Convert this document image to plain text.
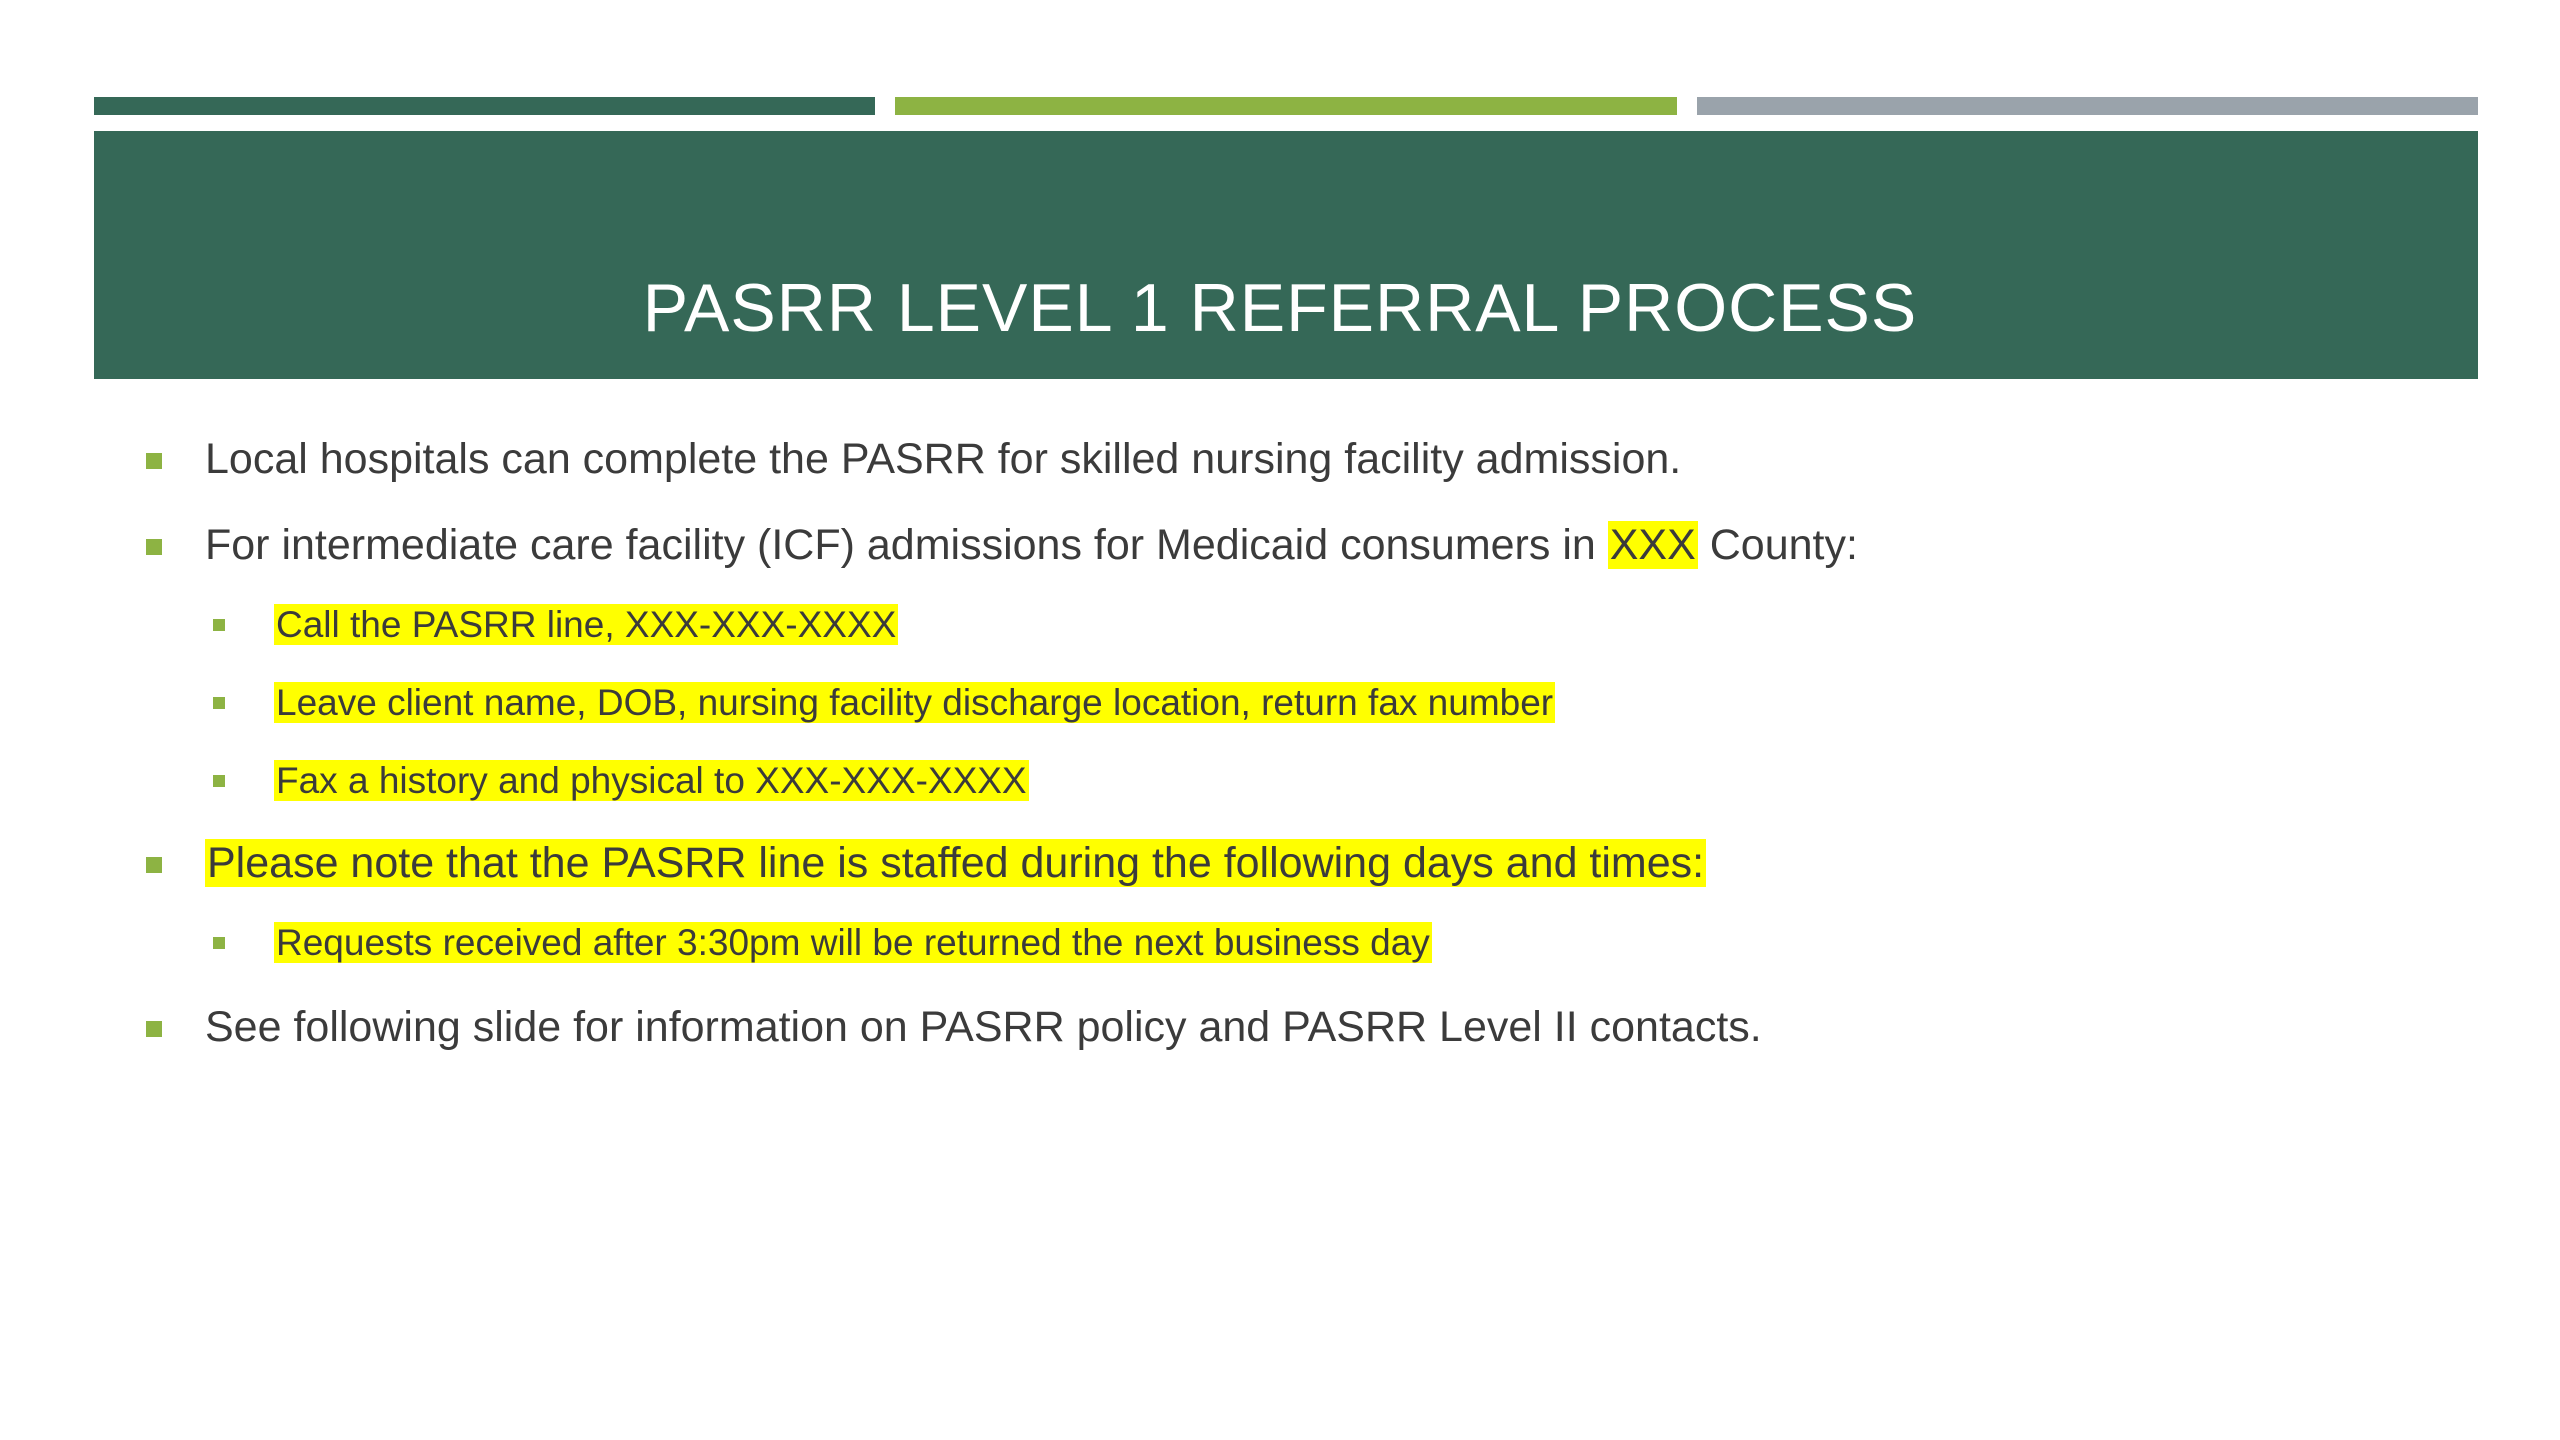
PASRR LEVEL 1 REFERRAL PROCESS
Local hospitals can complete the PASRR for skilled nursing facility admission.
For intermediate care facility (ICF) admissions for Medicaid consumers in XXX County:
Call the PASRR line, XXX-XXX-XXXX
Leave client name, DOB, nursing facility discharge location, return fax number
Fax a history and physical to XXX-XXX-XXXX
Please note that the PASRR line is staffed during the following days and times:
Requests received after 3:30pm will be returned the next business day
See following slide for information on PASRR policy and PASRR Level II contacts.
